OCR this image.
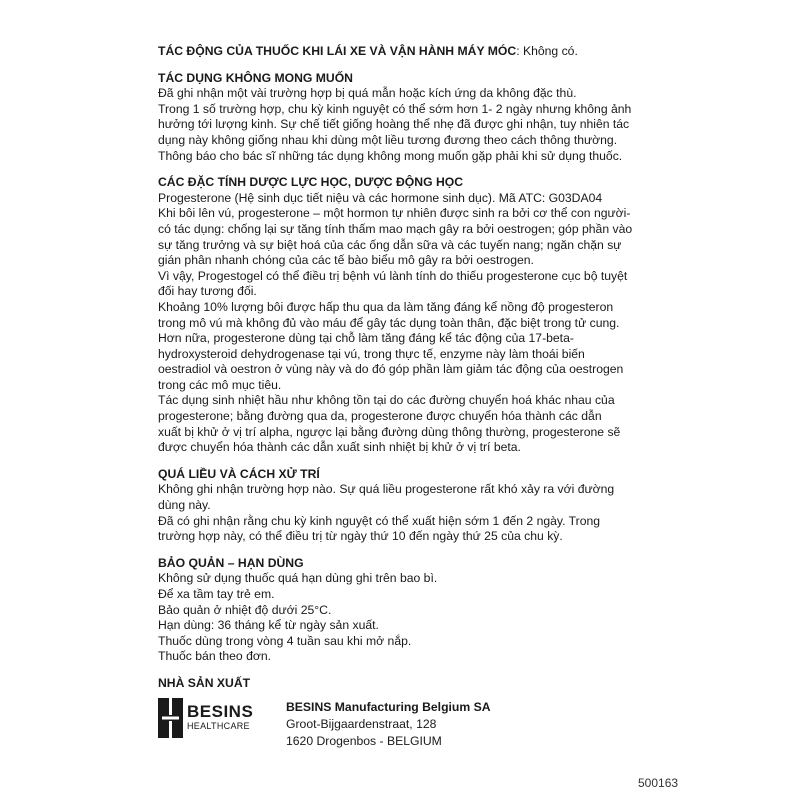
TÁC ĐỘNG CỦA THUỐC KHI LÁI XE VÀ VẬN HÀNH MÁY MÓC: Không có.
TÁC DỤNG KHÔNG MONG MUỐN
Đã ghi nhận một vài trường hợp bị quá mẫn hoặc kích ứng da không đặc thù.
Trong 1 số trường hợp, chu kỳ kinh nguyệt có thể sớm hơn 1- 2 ngày nhưng không ảnh
hưởng tới lượng kinh. Sự chế tiết giống hoàng thể nhẹ đã được ghi nhận, tuy nhiên tác
dụng này không giống nhau khi dùng một liều tương đương theo cách thông thường.
Thông báo cho bác sĩ những tác dụng không mong muốn gặp phải khi sử dụng thuốc.
CÁC ĐẶC TÍNH DƯỢC LỰC HỌC, DƯỢC ĐỘNG HỌC
Progesterone (Hệ sinh dục tiết niệu và các hormone sinh dục). Mã ATC: G03DA04
Khi bôi lên vú, progesterone – một hormon tự nhiên được sinh ra bởi cơ thể con người-
có tác dụng: chống lại sự tăng tính thấm mao mạch gây ra bởi oestrogen; góp phần vào
sự tăng trưởng và sự biệt hoá của các ống dẫn sữa và các tuyến nang; ngăn chặn sự
gián phân nhanh chóng của các tế bào biểu mô gây ra bởi oestrogen.
Vì vậy, Progestogel có thể điều trị bệnh vú lành tính do thiếu progesterone cục bộ tuyệt
đối hay tương đối.
Khoảng 10% lượng bôi được hấp thu qua da làm tăng đáng kể nồng độ progesteron
trong mô vú mà không đủ vào máu để gây tác dụng toàn thân, đặc biệt trong tử cung.
Hơn nữa, progesterone dùng tại chỗ làm tăng đáng kể tác động của 17-beta-
hydroxysteroid dehydrogenase tại vú, trong thực tế, enzyme này làm thoái biến
oestradiol và oestron ở vùng này và do đó góp phần làm giảm tác động của oestrogen
trong các mô mục tiêu.
Tác dụng sinh nhiệt hầu như không tồn tại do các đường chuyển hoá khác nhau của
progesterone; bằng đường qua da, progesterone được chuyển hóa thành các dẫn
xuất bị khử ở vị trí alpha, ngược lại bằng đường dùng thông thường, progesterone sẽ
được chuyển hóa thành các dẫn xuất sinh nhiệt bị khử ở vị trí beta.
QUÁ LIỀU VÀ CÁCH XỬ TRÍ
Không ghi nhận trường hợp nào. Sự quá liều progesterone rất khó xảy ra với đường
dùng này.
Đã có ghi nhận rằng chu kỳ kinh nguyệt có thể xuất hiện sớm 1 đến 2 ngày. Trong
trường hợp này, có thể điều trị từ ngày thứ 10 đến ngày thứ 25 của chu kỳ.
BẢO QUẢN – HẠN DÙNG
Không sử dụng thuốc quá hạn dùng ghi trên bao bì.
Để xa tầm tay trẻ em.
Bảo quản ở nhiệt độ dưới 25°C.
Hạn dùng: 36 tháng kể từ ngày sản xuất.
Thuốc dùng trong vòng 4 tuần sau khi mở nắp.
Thuốc bán theo đơn.
NHÀ SẢN XUẤT
BESINS
HEALTHCARE
BESINS Manufacturing Belgium SA
Groot-Bijgaardenstraat, 128
1620 Drogenbos - BELGIUM
500163
